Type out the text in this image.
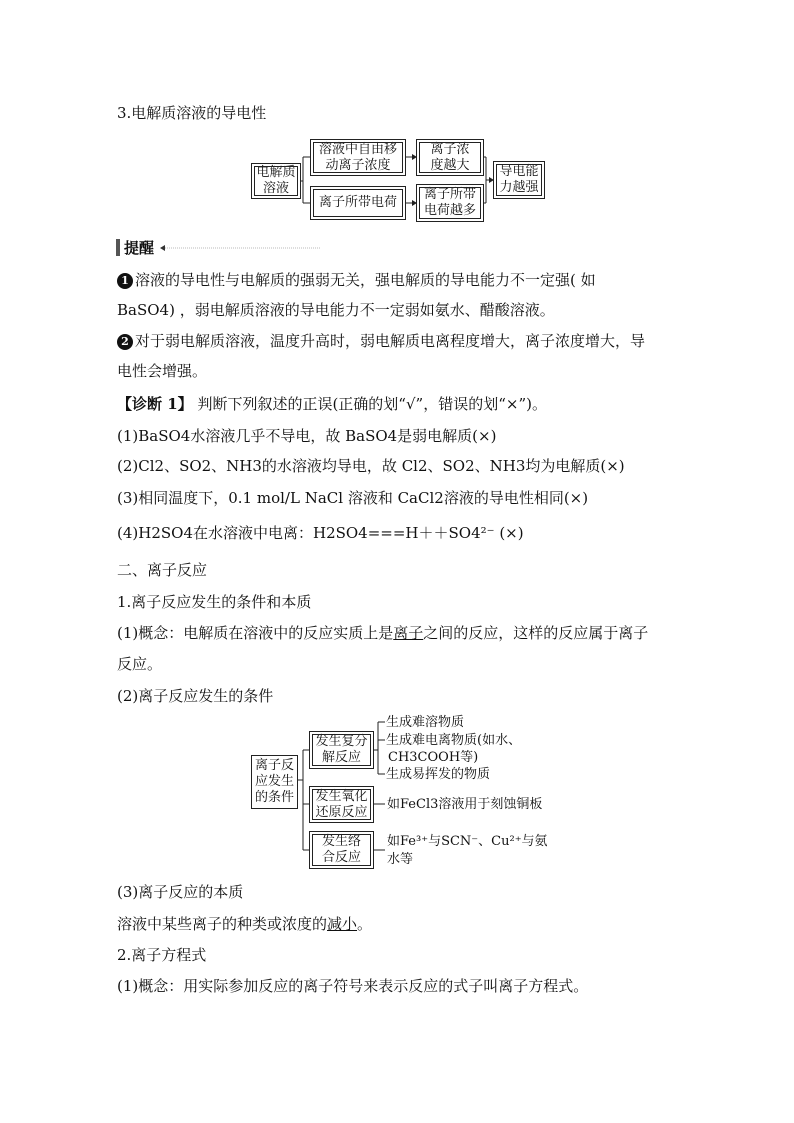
3.电解质溶液的导电性
电解质
溶液
溶液中自由移
动离子浓度
离子所带电荷
离子浓
度越大
离子所带
电荷越多
导电能
力越强
提醒
1 溶液的导电性与电解质的强弱无关，强电解质的导电能力不一定强( 如
BaSO4) ，弱电解质溶液的导电能力不一定弱如氨水、醋酸溶液。
2 对于弱电解质溶液，温度升高时，弱电解质电离程度增大，离子浓度增大，导
电性会增强。
【诊断 1】 判断下列叙述的正误(正确的划“√”，错误的划“×”)。
(1)BaSO4水溶液几乎不导电，故 BaSO4是弱电解质(×)
(2)Cl2、SO2、NH3的水溶液均导电，故 Cl2、SO2、NH3均为电解质(×)
(3)相同温度下，0.1 mol/L NaCl 溶液和 CaCl2溶液的导电性相同(×)
(4)H2SO4在水溶液中电离：H2SO4===H＋＋SO4²⁻ (×)
二、离子反应
1.离子反应发生的条件和本质
(1)概念：电解质在溶液中的反应实质上是离子之间的反应，这样的反应属于离子
反应。
(2)离子反应发生的条件
离子反
应发生
的条件
发生复分
解反应
发生氧化
还原反应
发生络
合反应
生成难溶物质
生成难电离物质(如水、
CH3COOH等)
生成易挥发的物质
如FeCl3溶液用于刻蚀铜板
如Fe³⁺与SCN⁻、Cu²⁺与氨
水等
(3)离子反应的本质
溶液中某些离子的种类或浓度的减小。
2.离子方程式
(1)概念：用实际参加反应的离子符号来表示反应的式子叫离子方程式。
